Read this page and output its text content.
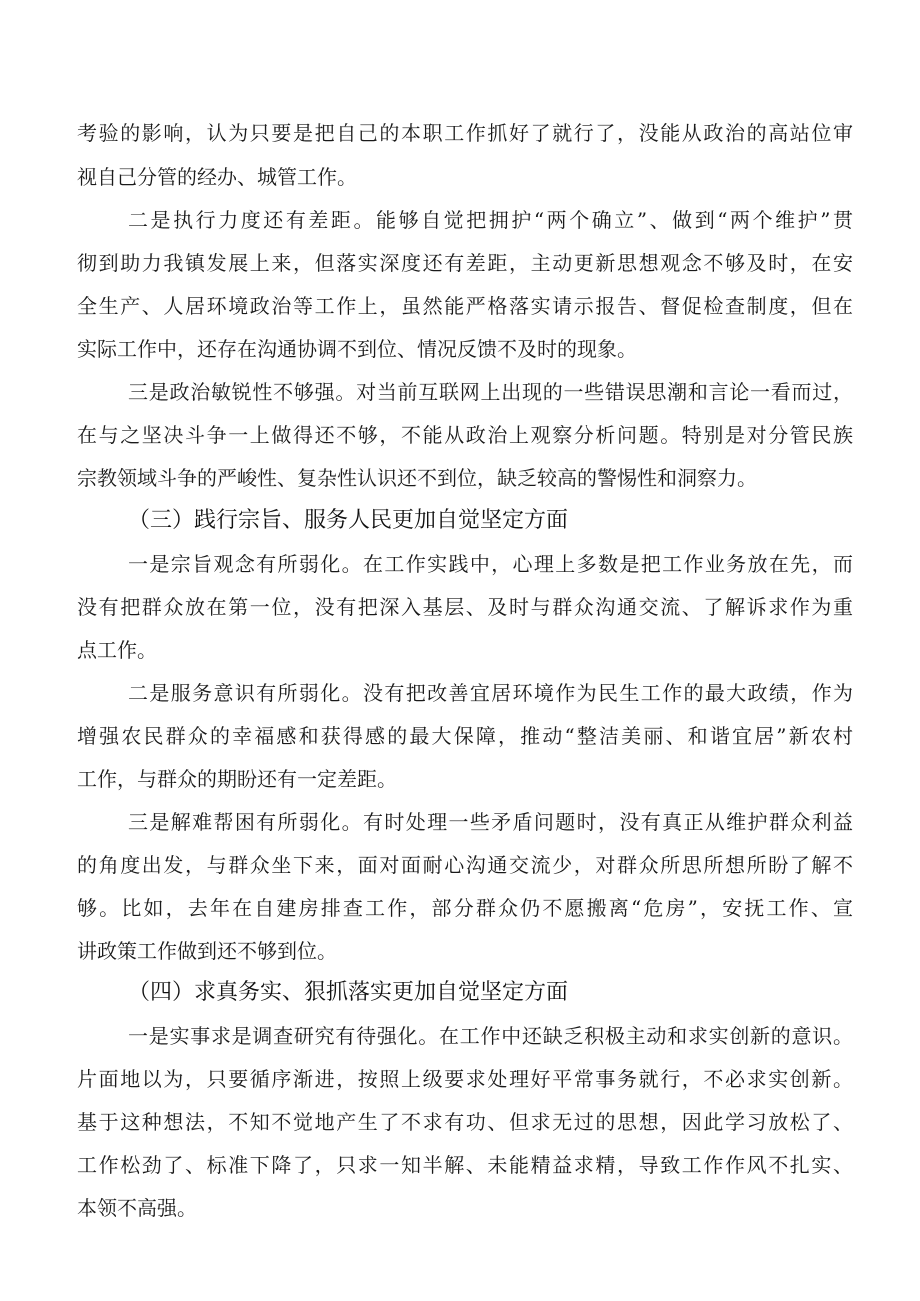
考验的影响，认为只要是把自己的本职工作抓好了就行了，没能从政治的高站位审
视自己分管的经办、城管工作。
二是执行力度还有差距。能够自觉把拥护“两个确立”、做到“两个维护”贯
彻到助力我镇发展上来，但落实深度还有差距，主动更新思想观念不够及时，在安
全生产、人居环境政治等工作上，虽然能严格落实请示报告、督促检查制度，但在
实际工作中，还存在沟通协调不到位、情况反馈不及时的现象。
三是政治敏锐性不够强。对当前互联网上出现的一些错误思潮和言论一看而过，
在与之坚决斗争一上做得还不够，不能从政治上观察分析问题。特别是对分管民族
宗教领域斗争的严峻性、复杂性认识还不到位，缺乏较高的警惕性和洞察力。
（三）践行宗旨、服务人民更加自觉坚定方面
一是宗旨观念有所弱化。在工作实践中，心理上多数是把工作业务放在先，而
没有把群众放在第一位，没有把深入基层、及时与群众沟通交流、了解诉求作为重
点工作。
二是服务意识有所弱化。没有把改善宜居环境作为民生工作的最大政绩，作为
增强农民群众的幸福感和获得感的最大保障，推动“整洁美丽、和谐宜居”新农村
工作，与群众的期盼还有一定差距。
三是解难帮困有所弱化。有时处理一些矛盾问题时，没有真正从维护群众利益
的角度出发，与群众坐下来，面对面耐心沟通交流少，对群众所思所想所盼了解不
够。比如，去年在自建房排查工作，部分群众仍不愿搬离“危房”，安抚工作、宣
讲政策工作做到还不够到位。
（四）求真务实、狠抓落实更加自觉坚定方面
一是实事求是调查研究有待强化。在工作中还缺乏积极主动和求实创新的意识。
片面地以为，只要循序渐进，按照上级要求处理好平常事务就行，不必求实创新。
基于这种想法，不知不觉地产生了不求有功、但求无过的思想，因此学习放松了、
工作松劲了、标准下降了，只求一知半解、未能精益求精，导致工作作风不扎实、
本领不高强。
